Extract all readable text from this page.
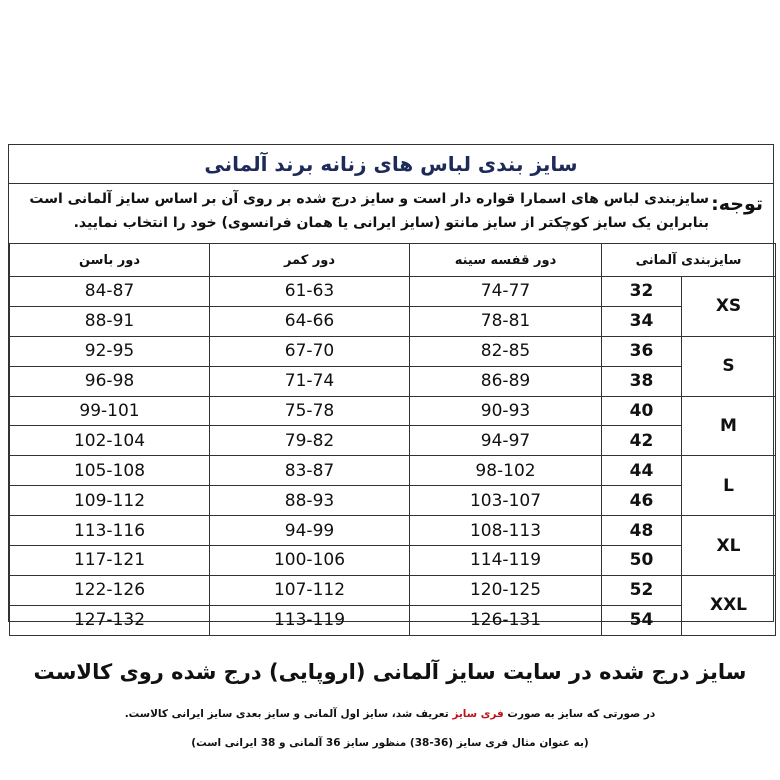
سایز بندی لباس های زنانه برند آلمانی
توجه:
سایزبندی لباس های اسمارا قواره دار است و سایز درج شده بر روی آن بر اساس سایز آلمانی است
بنابراین یک سایز کوچکتر از سایز مانتو (سایز ایرانی یا همان فرانسوی) خود را انتخاب نمایید.
سایزبندی آلمانی		دور قفسه سینه	دور کمر	دور باسن
XS	32	74-77	61-63	84-87
	34	78-81	64-66	88-91
S	36	82-85	67-70	92-95
	38	86-89	71-74	96-98
M	40	90-93	75-78	99-101
	42	94-97	79-82	102-104
L	44	98-102	83-87	105-108
	46	103-107	88-93	109-112
XL	48	108-113	94-99	113-116
	50	114-119	100-106	117-121
XXL	52	120-125	107-112	122-126
	54	126-131	113-119	127-132
سایز درج شده در سایت سایز آلمانی (اروپایی) درج شده روی کالاست
در صورتی که سایز به صورت فری سایز تعریف شد، سایز اول آلمانی و سایز بعدی سایز ایرانی کالاست.
(به عنوان مثال فری سایز (36-38) منظور سایز 36 آلمانی و 38 ایرانی است)
